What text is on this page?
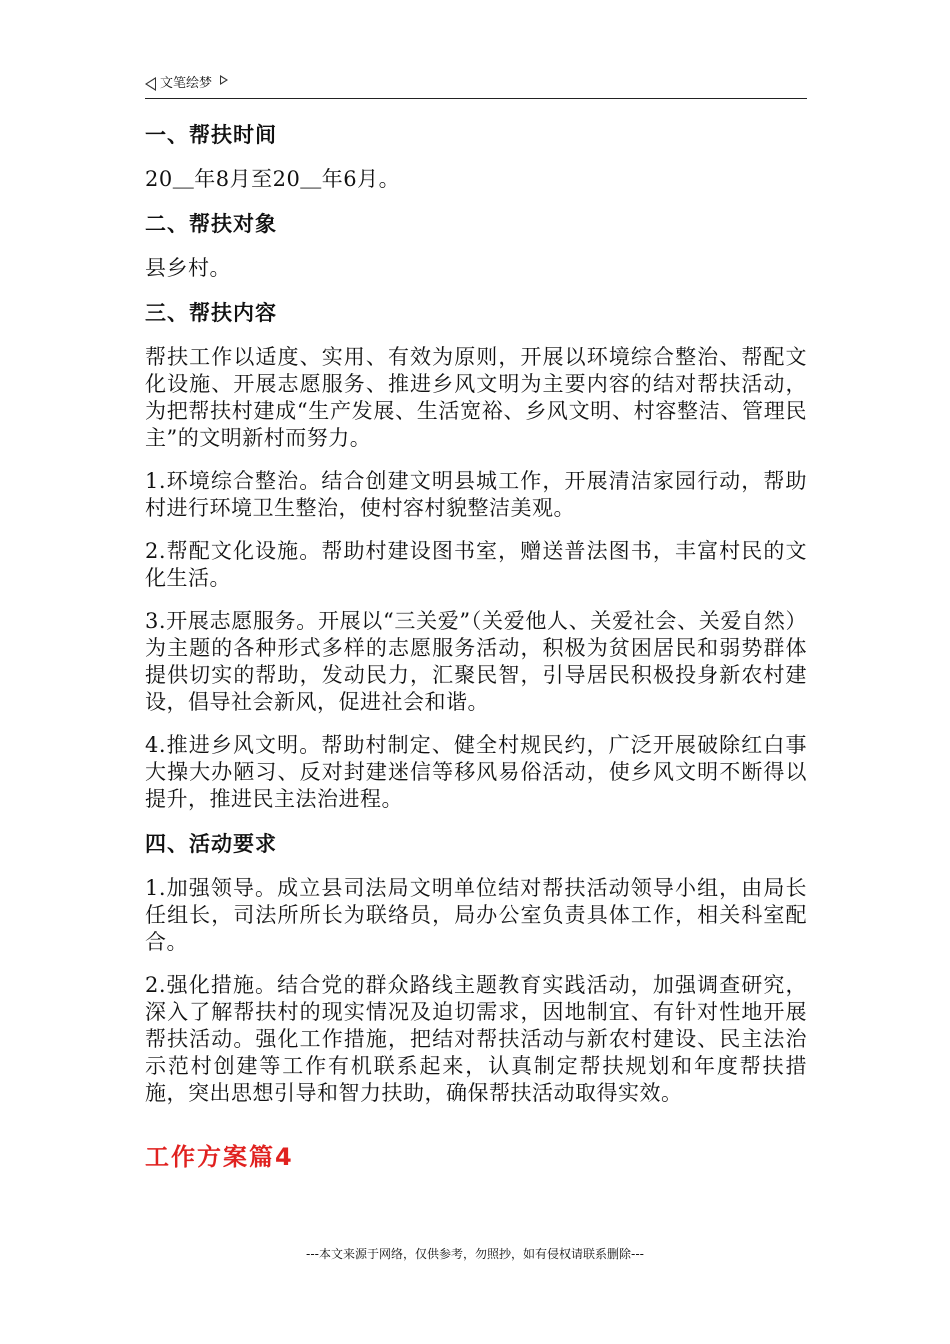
文笔绘梦
一、帮扶时间
20＿年8月至20＿年6月。
二、帮扶对象
县乡村。
三、帮扶内容
帮扶工作以适度、实用、有效为原则，开展以环境综合整治、帮配文化设施、开展志愿服务、推进乡风文明为主要内容的结对帮扶活动，为把帮扶村建成“生产发展、生活宽裕、乡风文明、村容整洁、管理民主”的文明新村而努力。
1.环境综合整治。结合创建文明县城工作，开展清洁家园行动，帮助村进行环境卫生整治，使村容村貌整洁美观。
2.帮配文化设施。帮助村建设图书室，赠送普法图书，丰富村民的文化生活。
3.开展志愿服务。开展以“三关爱”（关爱他人、关爱社会、关爱自然）为主题的各种形式多样的志愿服务活动，积极为贫困居民和弱势群体提供切实的帮助，发动民力，汇聚民智，引导居民积极投身新农村建设，倡导社会新风，促进社会和谐。
4.推进乡风文明。帮助村制定、健全村规民约，广泛开展破除红白事大操大办陋习、反对封建迷信等移风易俗活动，使乡风文明不断得以提升，推进民主法治进程。
四、活动要求
1.加强领导。成立县司法局文明单位结对帮扶活动领导小组，由局长任组长，司法所所长为联络员，局办公室负责具体工作，相关科室配合。
2.强化措施。结合党的群众路线主题教育实践活动，加强调查研究，深入了解帮扶村的现实情况及迫切需求，因地制宜、有针对性地开展帮扶活动。强化工作措施，把结对帮扶活动与新农村建设、民主法治示范村创建等工作有机联系起来，认真制定帮扶规划和年度帮扶措施，突出思想引导和智力扶助，确保帮扶活动取得实效。
工作方案篇4
---本文来源于网络，仅供参考，勿照抄，如有侵权请联系删除---
